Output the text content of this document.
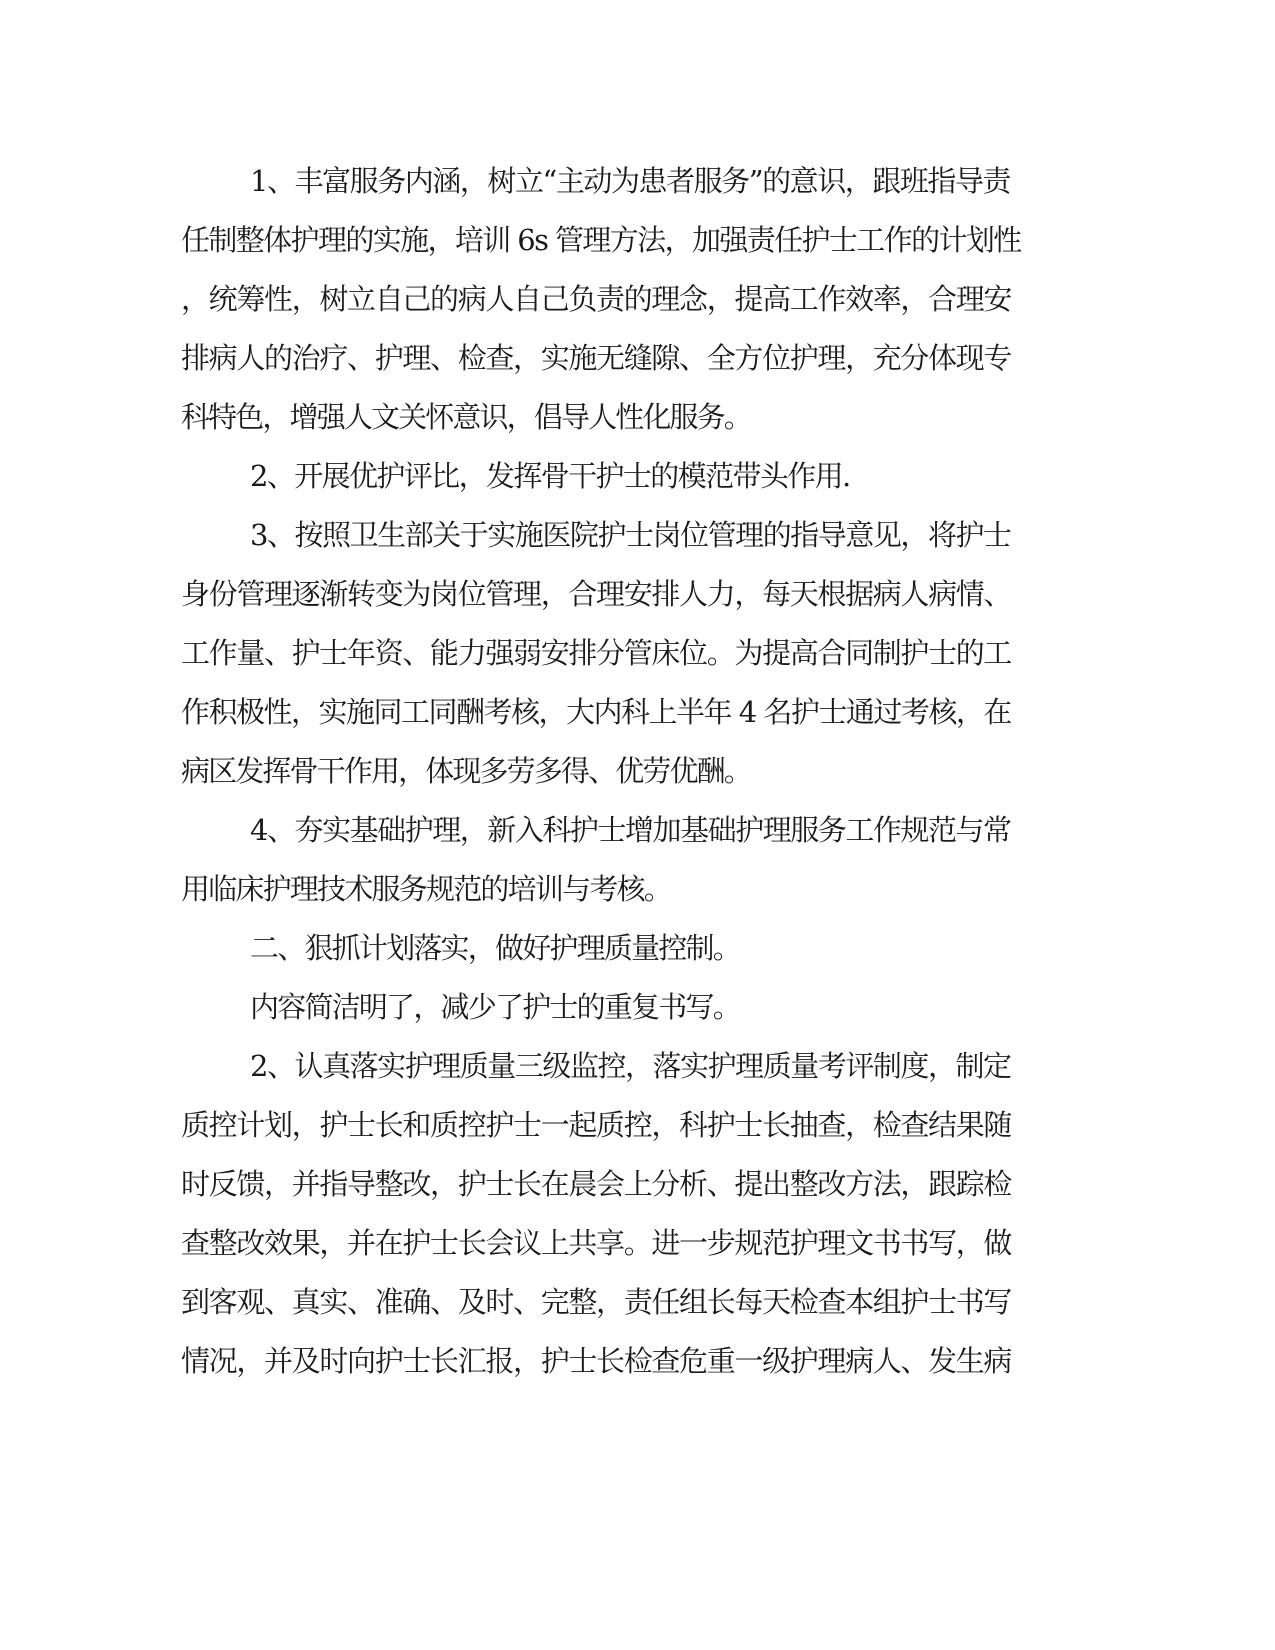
1、丰富服务内涵，树立“主动为患者服务”的意识，跟班指导责
任制整体护理的实施，培训 6s 管理方法，加强责任护士工作的计划性
，统筹性，树立自己的病人自己负责的理念，提高工作效率，合理安
排病人的治疗、护理、检查，实施无缝隙、全方位护理，充分体现专
科特色，增强人文关怀意识，倡导人性化服务。
2、开展优护评比，发挥骨干护士的模范带头作用.
3、按照卫生部关于实施医院护士岗位管理的指导意见，将护士
身份管理逐渐转变为岗位管理，合理安排人力，每天根据病人病情、
工作量、护士年资、能力强弱安排分管床位。为提高合同制护士的工
作积极性，实施同工同酬考核，大内科上半年 4 名护士通过考核，在
病区发挥骨干作用，体现多劳多得、优劳优酬。
4、夯实基础护理，新入科护士增加基础护理服务工作规范与常
用临床护理技术服务规范的培训与考核。
二、狠抓计划落实，做好护理质量控制。
内容简洁明了，减少了护士的重复书写。
2、认真落实护理质量三级监控，落实护理质量考评制度，制定
质控计划，护士长和质控护士一起质控，科护士长抽查，检查结果随
时反馈，并指导整改，护士长在晨会上分析、提出整改方法，跟踪检
查整改效果，并在护士长会议上共享。进一步规范护理文书书写，做
到客观、真实、准确、及时、完整，责任组长每天检查本组护士书写
情况，并及时向护士长汇报，护士长检查危重一级护理病人、发生病
